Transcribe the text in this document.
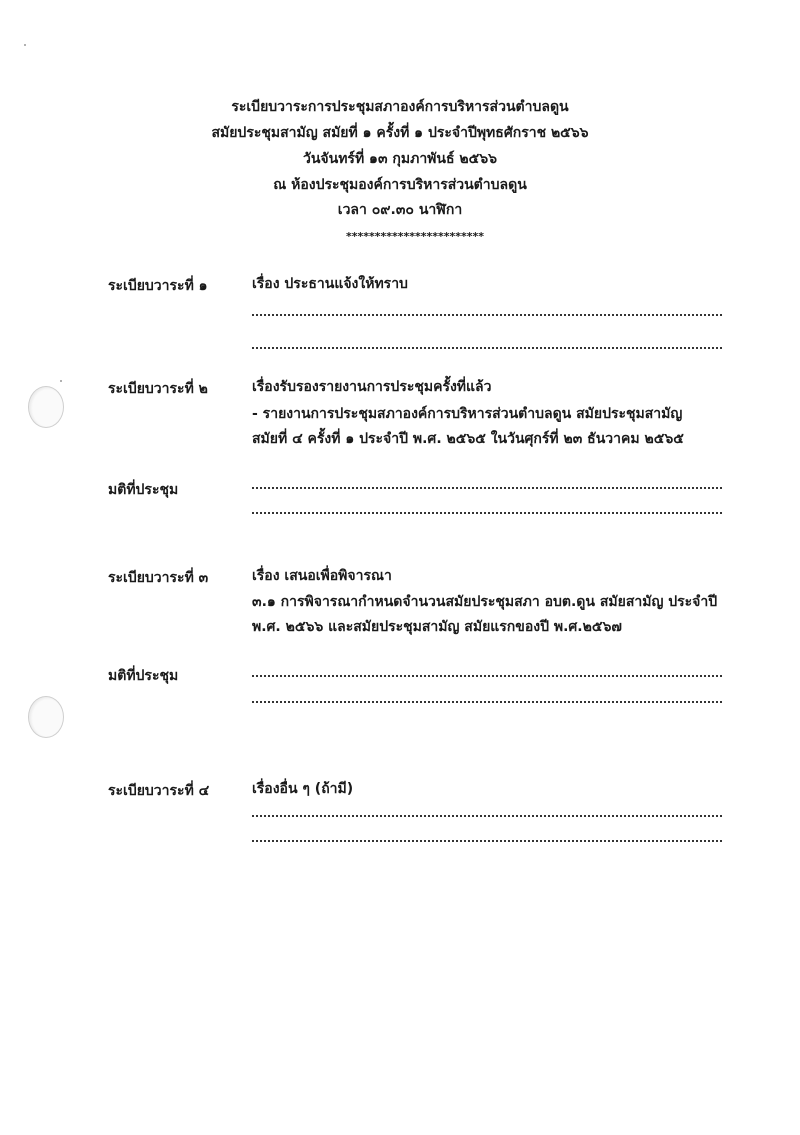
ระเบียบวาระการประชุมสภาองค์การบริหารส่วนตำบลดูน
สมัยประชุมสามัญ สมัยที่ ๑ ครั้งที่ ๑ ประจำปีพุทธศักราช ๒๕๖๖
วันจันทร์ที่ ๑๓ กุมภาพันธ์ ๒๕๖๖
ณ ห้องประชุมองค์การบริหารส่วนตำบลดูน
เวลา ๐๙.๓๐ นาฬิกา
************************
ระเบียบวาระที่ ๑	เรื่อง ประธานแจ้งให้ทราบ
ระเบียบวาระที่ ๒	เรื่องรับรองรายงานการประชุมครั้งที่แล้ว
- รายงานการประชุมสภาองค์การบริหารส่วนตำบลดูน สมัยประชุมสามัญ
สมัยที่ ๔ ครั้งที่ ๑ ประจำปี พ.ศ. ๒๕๖๕ ในวันศุกร์ที่ ๒๓ ธันวาคม ๒๕๖๕
มติที่ประชุม
ระเบียบวาระที่ ๓	เรื่อง เสนอเพื่อพิจารณา
๓.๑ การพิจารณากำหนดจำนวนสมัยประชุมสภา อบต.ดูน สมัยสามัญ ประจำปี
พ.ศ. ๒๕๖๖ และสมัยประชุมสามัญ สมัยแรกของปี พ.ศ.๒๕๖๗
มติที่ประชุม
ระเบียบวาระที่ ๔	เรื่องอื่น ๆ (ถ้ามี)
